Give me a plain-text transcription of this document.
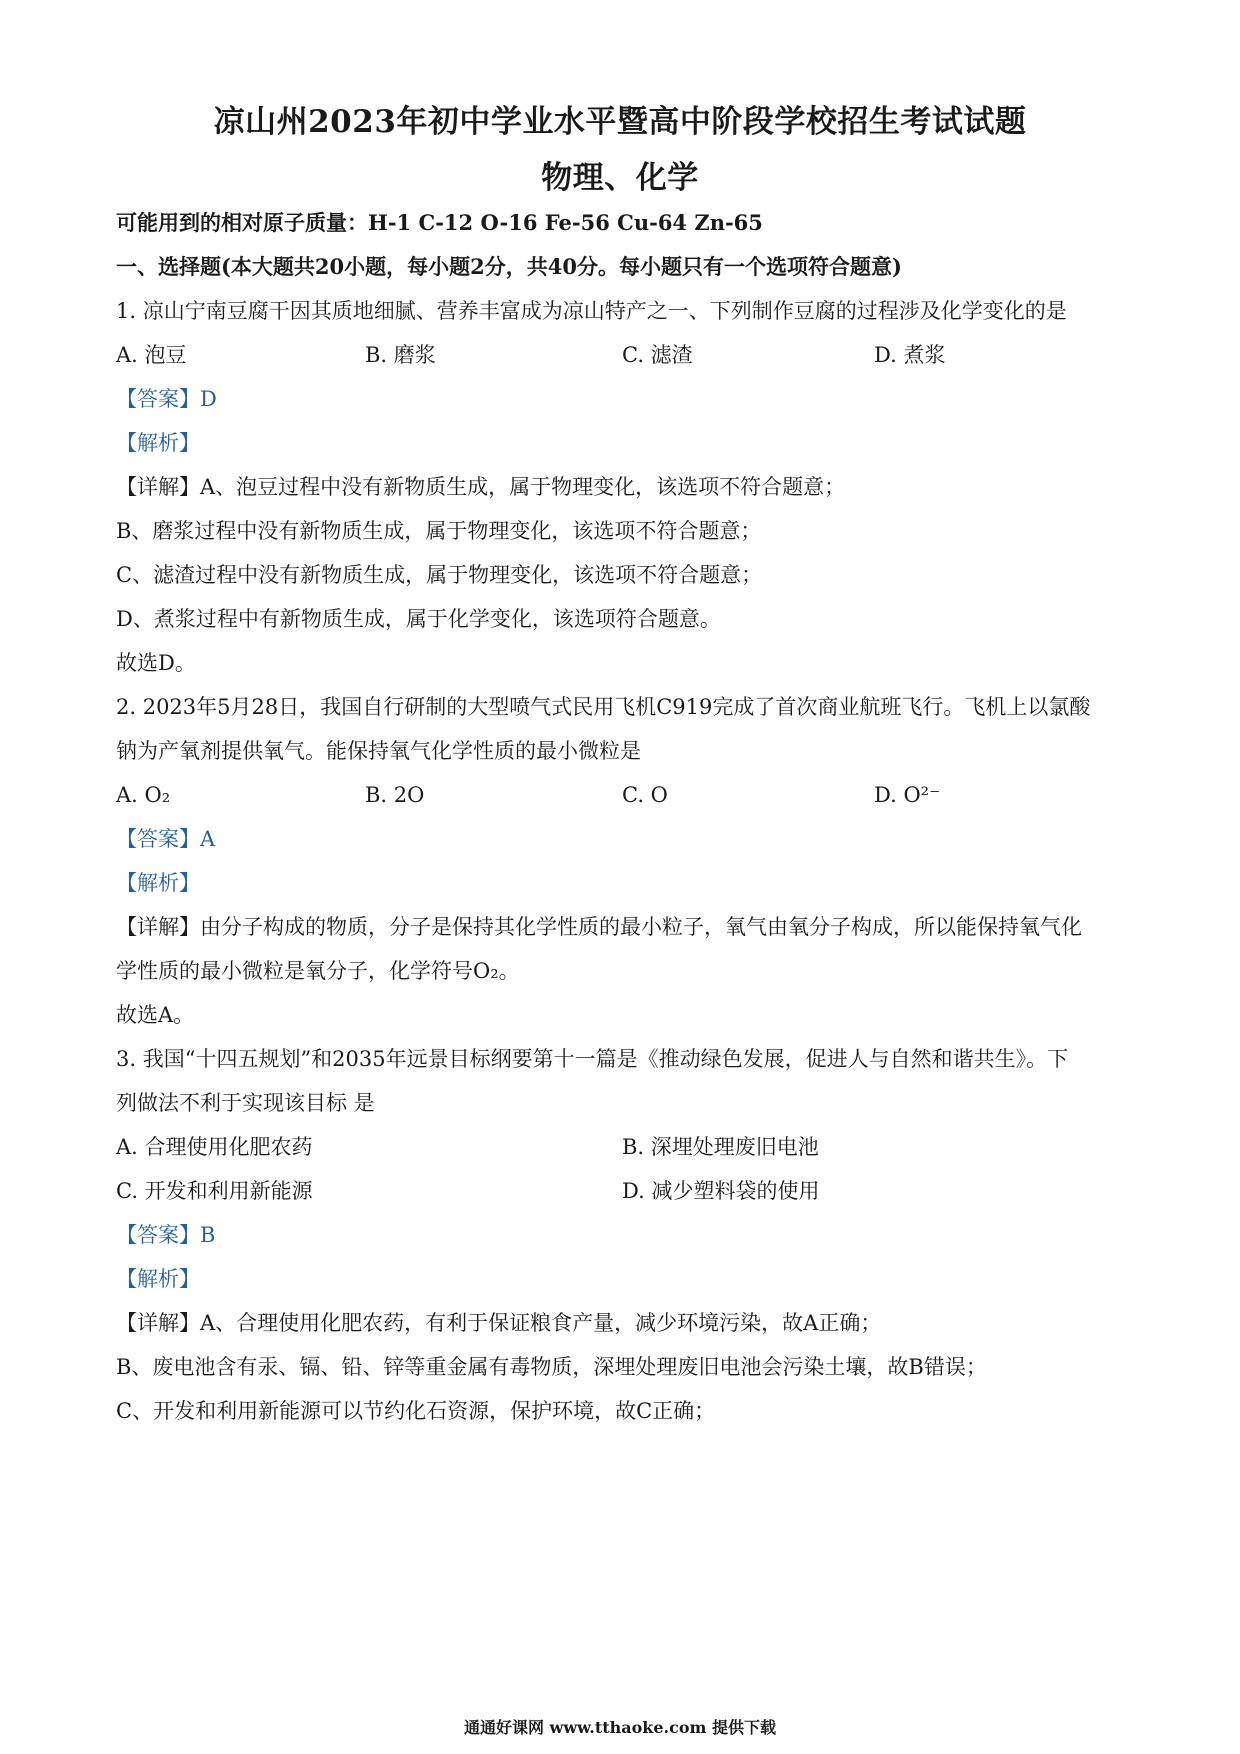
凉山州2023年初中学业水平暨高中阶段学校招生考试试题
物理、化学
可能用到的相对原子质量：H-1 C-12 O-16 Fe-56 Cu-64 Zn-65
一、选择题(本大题共20小题，每小题2分，共40分。每小题只有一个选项符合题意)
1. 凉山宁南豆腐干因其质地细腻、营养丰富成为凉山特产之一、下列制作豆腐的过程涉及化学变化的是
A. 泡豆	B. 磨浆	C. 滤渣	D. 煮浆
【答案】D
【解析】
【详解】A、泡豆过程中没有新物质生成，属于物理变化，该选项不符合题意；
B、磨浆过程中没有新物质生成，属于物理变化，该选项不符合题意；
C、滤渣过程中没有新物质生成，属于物理变化，该选项不符合题意；
D、煮浆过程中有新物质生成，属于化学变化，该选项符合题意。
故选D。
2. 2023年5月28日，我国自行研制的大型喷气式民用飞机C919完成了首次商业航班飞行。飞机上以氯酸
钠为产氧剂提供氧气。能保持氧气化学性质的最小微粒是
A. O₂	B. 2O	C. O	D. O²⁻
【答案】A
【解析】
【详解】由分子构成的物质，分子是保持其化学性质的最小粒子，氧气由氧分子构成，所以能保持氧气化
学性质的最小微粒是氧分子，化学符号O₂。
故选A。
3. 我国“十四五规划”和2035年远景目标纲要第十一篇是《推动绿色发展，促进人与自然和谐共生》。下
列做法不利于实现该目标 是
A. 合理使用化肥农药	B. 深埋处理废旧电池
C. 开发和利用新能源	D. 减少塑料袋的使用
【答案】B
【解析】
【详解】A、合理使用化肥农药，有利于保证粮食产量，减少环境污染，故A正确；
B、废电池含有汞、镉、铅、锌等重金属有毒物质，深埋处理废旧电池会污染土壤，故B错误；
C、开发和利用新能源可以节约化石资源，保护环境，故C正确；
通通好课网 www.tthaoke.com 提供下载
